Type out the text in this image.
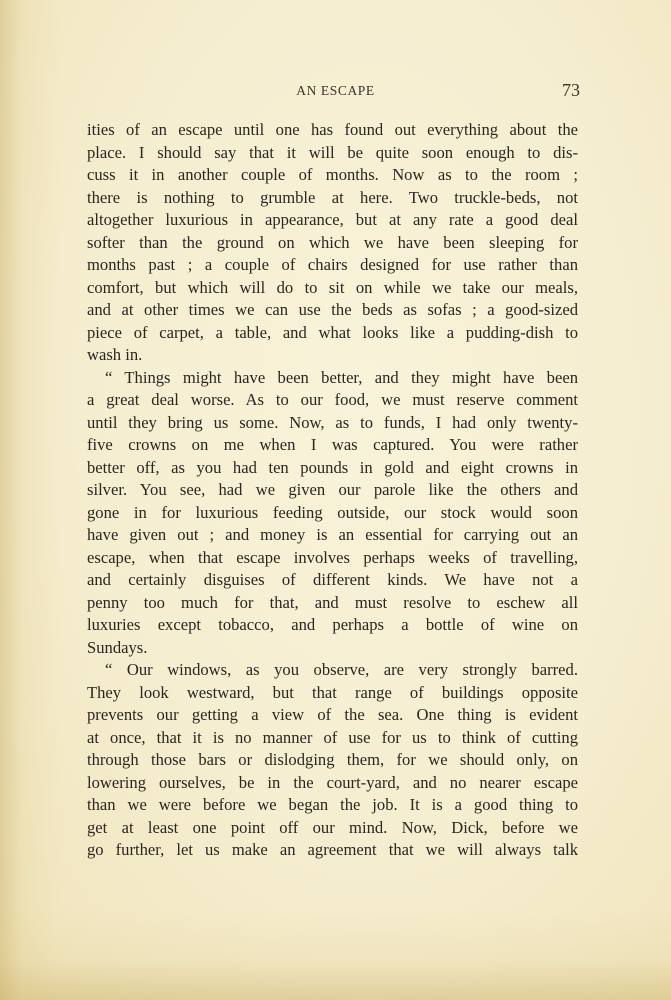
AN ESCAPE	73
ities of an escape until one has found out everything about the
place. I should say that it will be quite soon enough to dis-
cuss it in another couple of months. Now as to the room ;
there is nothing to grumble at here. Two truckle-beds, not
altogether luxurious in appearance, but at any rate a good deal
softer than the ground on which we have been sleeping for
months past ; a couple of chairs designed for use rather than
comfort, but which will do to sit on while we take our meals,
and at other times we can use the beds as sofas ; a good-sized
piece of carpet, a table, and what looks like a pudding-dish to
wash in.
“ Things might have been better, and they might have been
a great deal worse. As to our food, we must reserve comment
until they bring us some. Now, as to funds, I had only twenty-
five crowns on me when I was captured. You were rather
better off, as you had ten pounds in gold and eight crowns in
silver. You see, had we given our parole like the others and
gone in for luxurious feeding outside, our stock would soon
have given out ; and money is an essential for carrying out an
escape, when that escape involves perhaps weeks of travelling,
and certainly disguises of different kinds. We have not a
penny too much for that, and must resolve to eschew all
luxuries except tobacco, and perhaps a bottle of wine on
Sundays.
“ Our windows, as you observe, are very strongly barred.
They look westward, but that range of buildings opposite
prevents our getting a view of the sea. One thing is evident
at once, that it is no manner of use for us to think of cutting
through those bars or dislodging them, for we should only, on
lowering ourselves, be in the court-yard, and no nearer escape
than we were before we began the job. It is a good thing to
get at least one point off our mind. Now, Dick, before we
go further, let us make an agreement that we will always talk
